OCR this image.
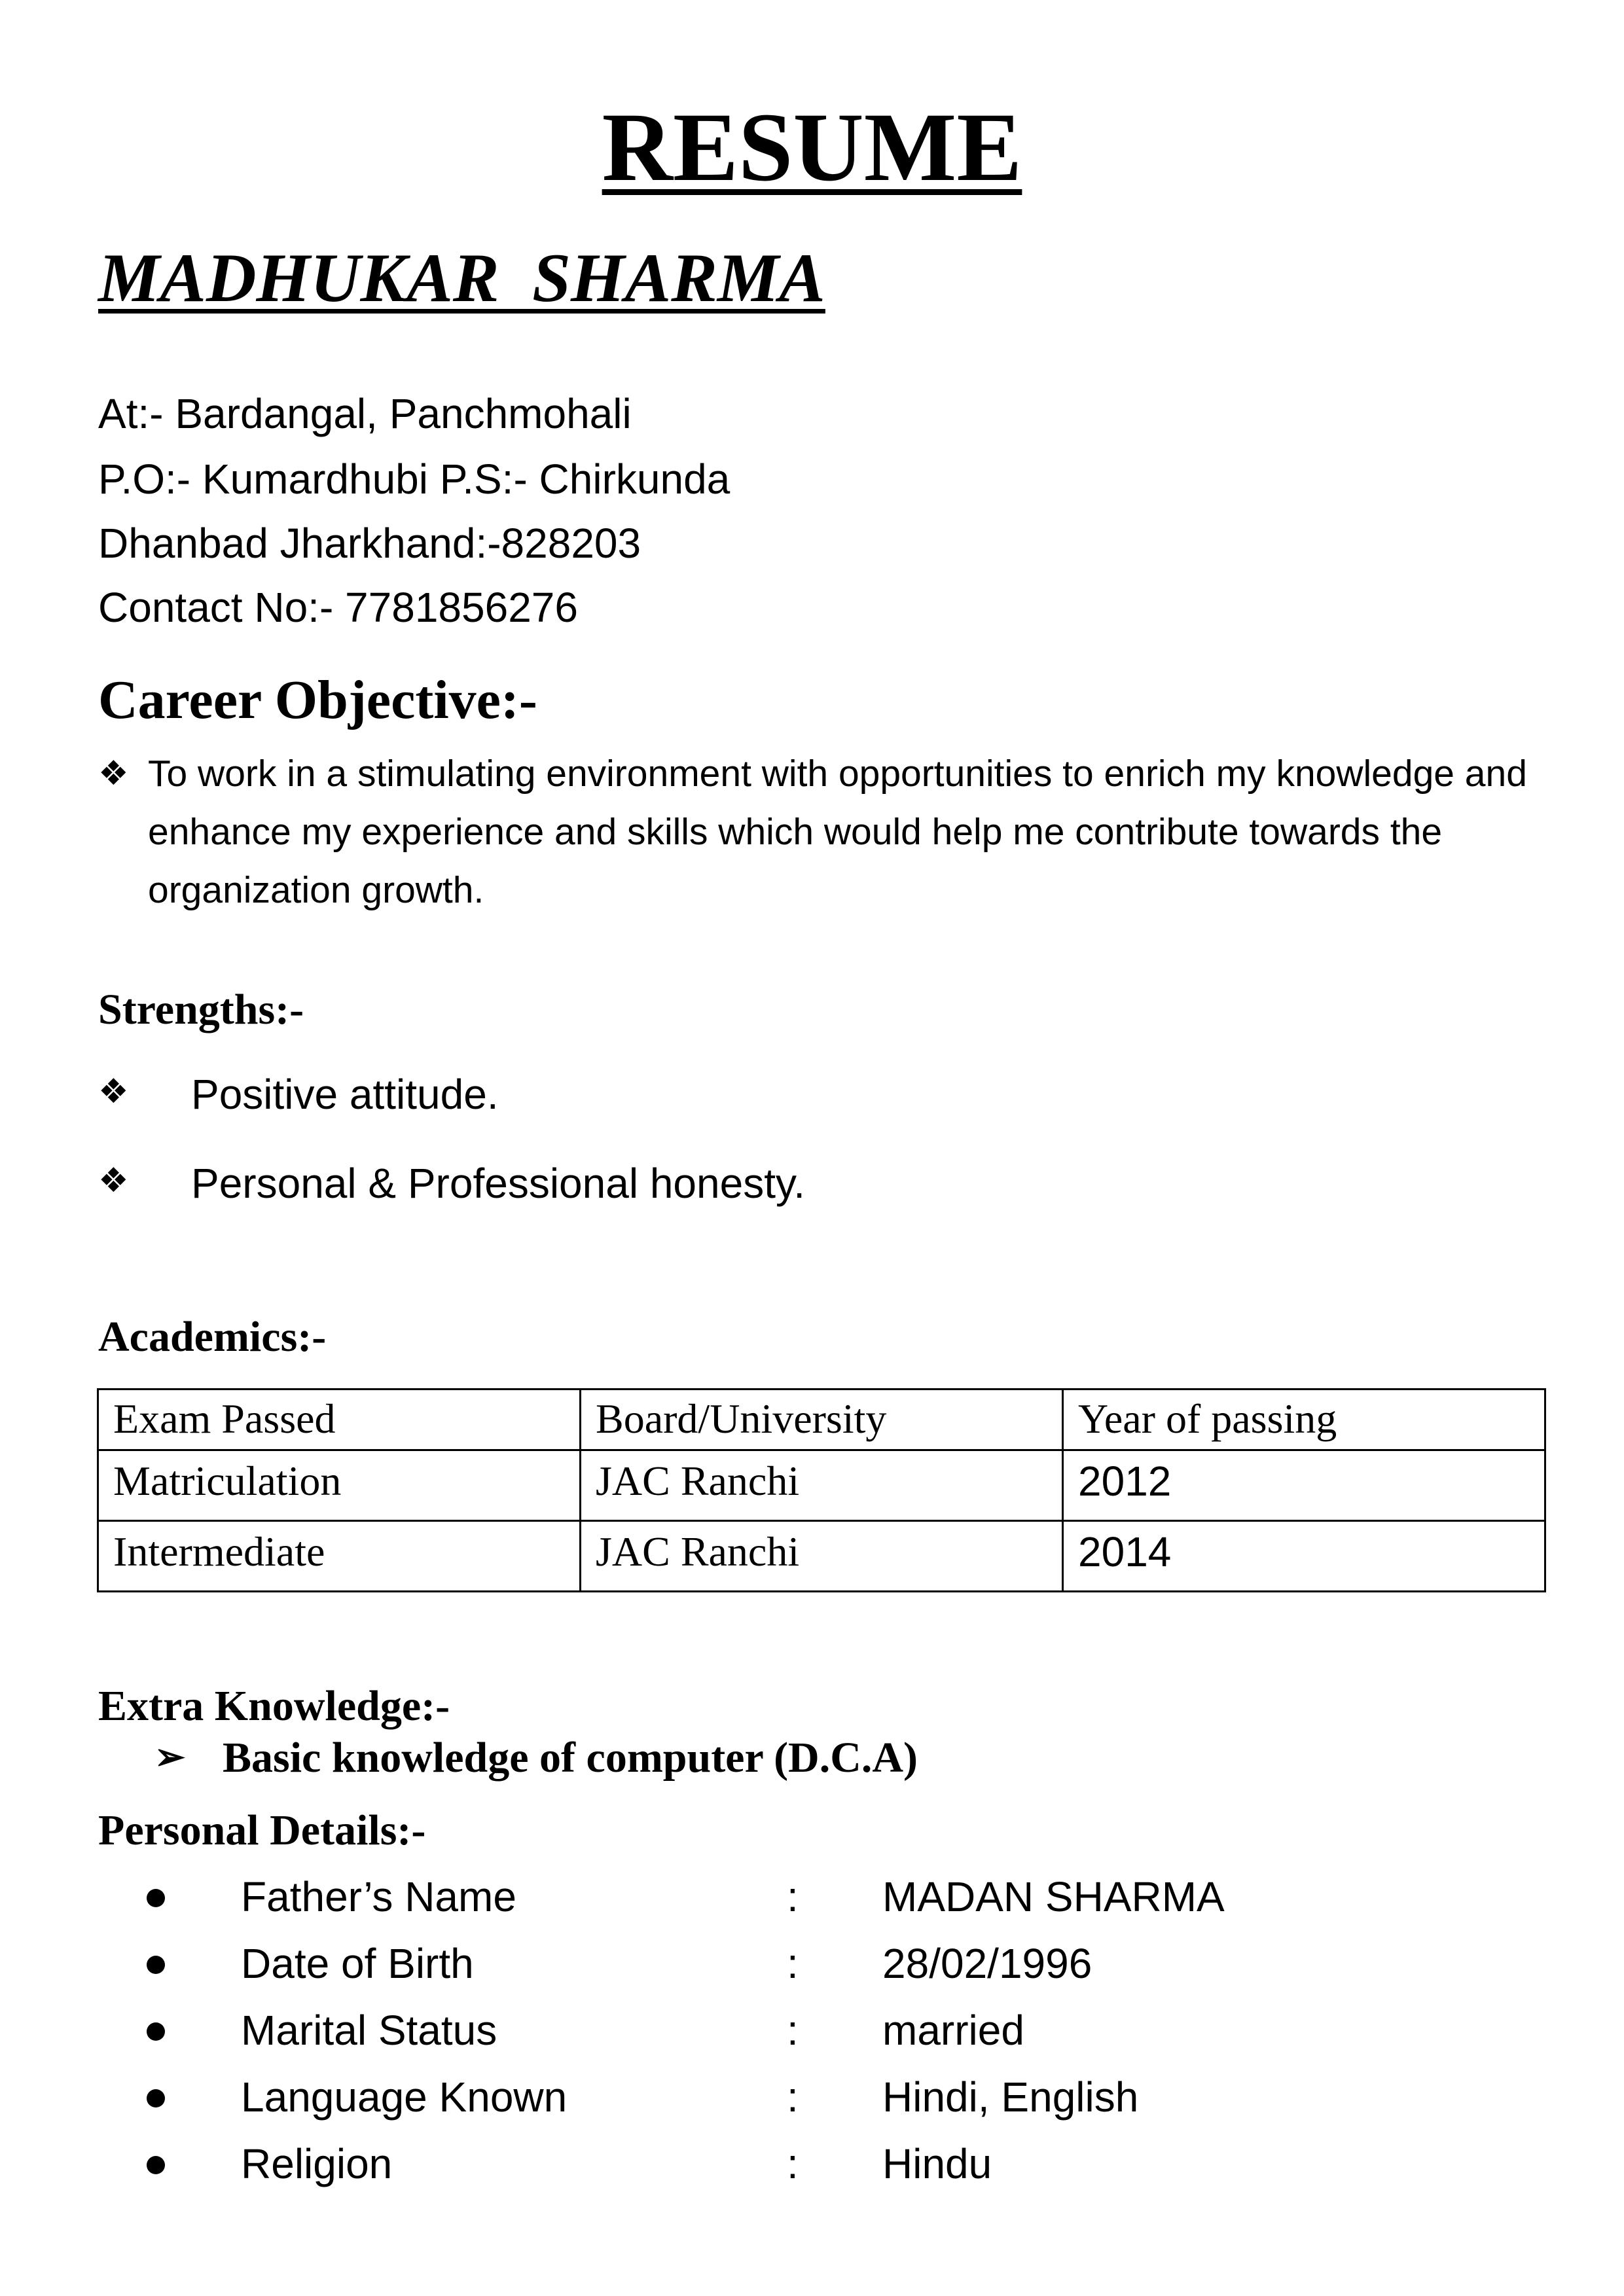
RESUME
MADHUKAR SHARMA
At:- Bardangal, Panchmohali
P.O:- Kumardhubi P.S:- Chirkunda
Dhanbad Jharkhand:-828203
Contact No:- 7781856276
Career Objective:-
❖ To work in a stimulating environment with opportunities to enrich my knowledge and enhance my experience and skills which would help me contribute towards the organization growth.
Strengths:-
❖ Positive attitude.
❖ Personal & Professional honesty.
Academics:-
Exam Passed	Board/University	Year of passing
Matriculation	JAC Ranchi	2012
Intermediate	JAC Ranchi	2014
Extra Knowledge:-
➢ Basic knowledge of computer (D.C.A)
Personal Details:-
Father’s Name	: MADAN SHARMA
Date of Birth	: 28/02/1996
Marital Status	: married
Language Known	: Hindi, English
Religion	: Hindu
